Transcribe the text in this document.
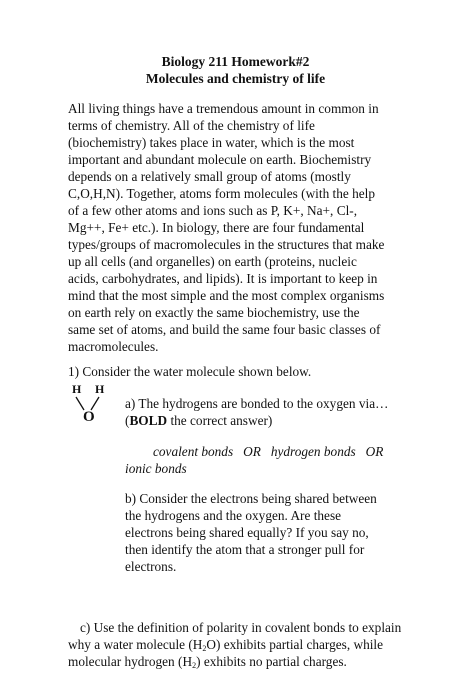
Biology 211 Homework#2
Molecules and chemistry of life
All living things have a tremendous amount in common in
terms of chemistry. All of the chemistry of life
(biochemistry) takes place in water, which is the most
important and abundant molecule on earth. Biochemistry
depends on a relatively small group of atoms (mostly
C,O,H,N). Together, atoms form molecules (with the help
of a few other atoms and ions such as P, K+, Na+, Cl-,
Mg++, Fe+ etc.). In biology, there are four fundamental
types/groups of macromolecules in the structures that make
up all cells (and organelles) on earth (proteins, nucleic
acids, carbohydrates, and lipids). It is important to keep in
mind that the most simple and the most complex organisms
on earth rely on exactly the same biochemistry, use the
same set of atoms, and build the same four basic classes of
macromolecules.
1) Consider the water molecule shown below.
H H
O
a) The hydrogens are bonded to the oxygen via…
(BOLD the correct answer)
covalent bonds OR hydrogen bonds OR
ionic bonds
b) Consider the electrons being shared between
the hydrogens and the oxygen. Are these
electrons being shared equally? If you say no,
then identify the atom that a stronger pull for
electrons.
c) Use the definition of polarity in covalent bonds to explain
why a water molecule $(H_2O)$ exhibits partial charges, while
molecular hydrogen $(H_2)$ exhibits no partial charges.
